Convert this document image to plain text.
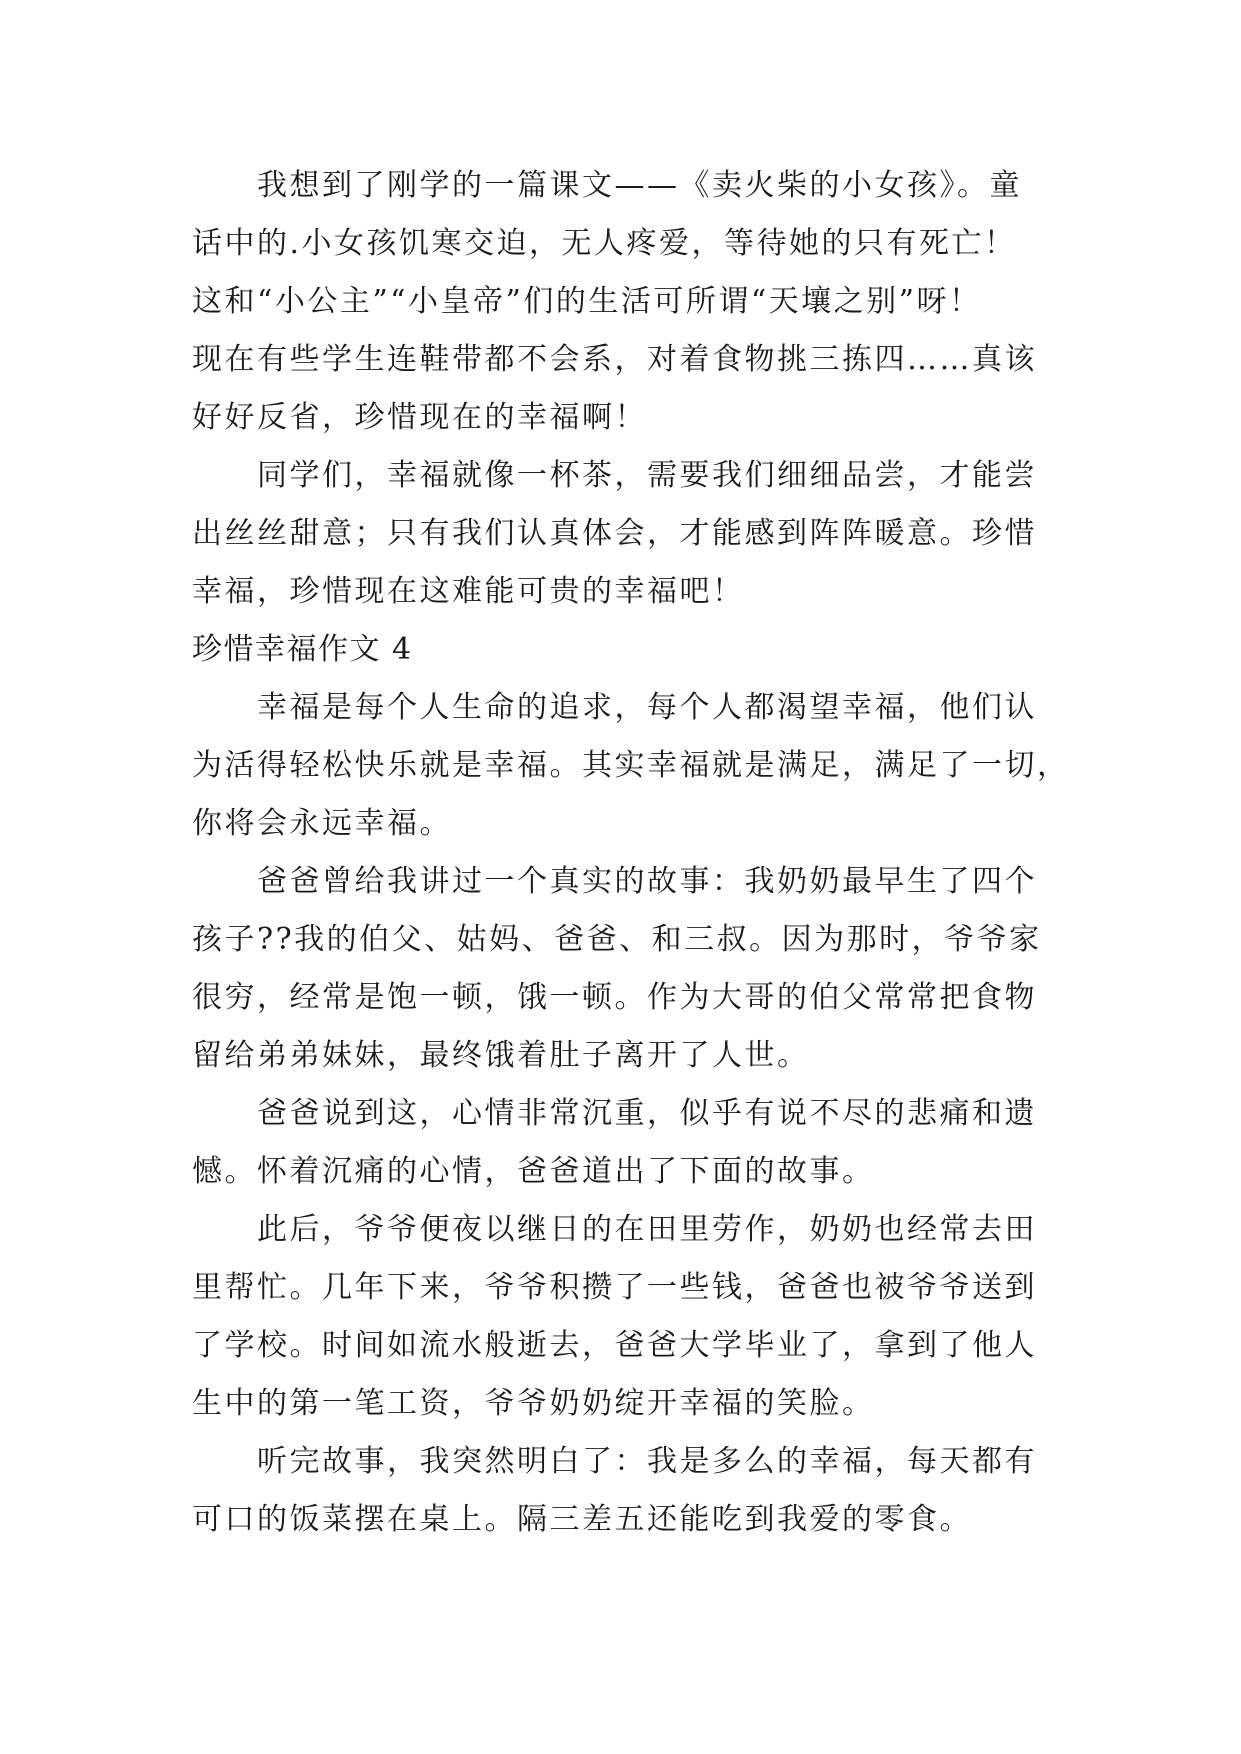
我想到了刚学的一篇课文——《卖火柴的小女孩》。童
话中的.小女孩饥寒交迫，无人疼爱，等待她的只有死亡！
这和“小公主”“小皇帝”们的生活可所谓“天壤之别”呀！
现在有些学生连鞋带都不会系，对着食物挑三拣四……真该
好好反省，珍惜现在的幸福啊！
同学们，幸福就像一杯茶，需要我们细细品尝，才能尝
出丝丝甜意；只有我们认真体会，才能感到阵阵暖意。珍惜
幸福，珍惜现在这难能可贵的幸福吧！
珍惜幸福作文 4
幸福是每个人生命的追求，每个人都渴望幸福，他们认
为活得轻松快乐就是幸福。其实幸福就是满足，满足了一切，
你将会永远幸福。
爸爸曾给我讲过一个真实的故事：我奶奶最早生了四个
孩子??我的伯父、姑妈、爸爸、和三叔。因为那时，爷爷家
很穷，经常是饱一顿，饿一顿。作为大哥的伯父常常把食物
留给弟弟妹妹，最终饿着肚子离开了人世。
爸爸说到这，心情非常沉重，似乎有说不尽的悲痛和遗
憾。怀着沉痛的心情，爸爸道出了下面的故事。
此后，爷爷便夜以继日的在田里劳作，奶奶也经常去田
里帮忙。几年下来，爷爷积攒了一些钱，爸爸也被爷爷送到
了学校。时间如流水般逝去，爸爸大学毕业了，拿到了他人
生中的第一笔工资，爷爷奶奶绽开幸福的笑脸。
听完故事，我突然明白了：我是多么的幸福，每天都有
可口的饭菜摆在桌上。隔三差五还能吃到我爱的零食。
